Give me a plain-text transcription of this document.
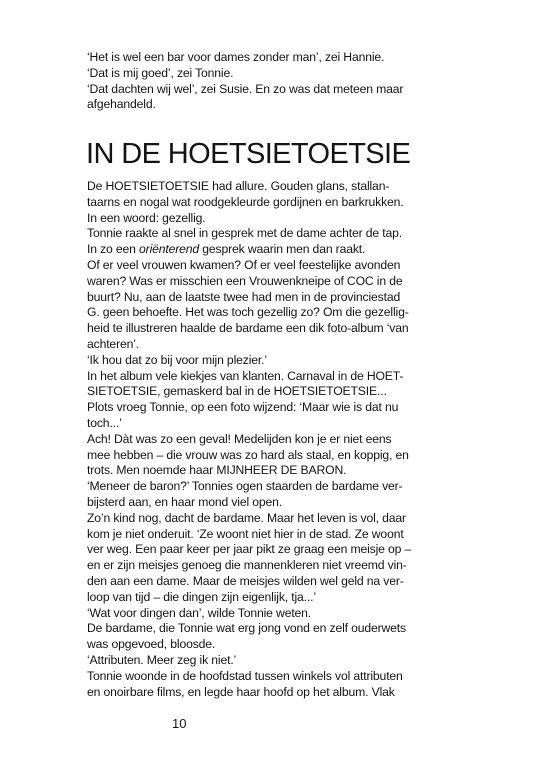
‘Het is wel een bar voor dames zonder man’, zei Hannie.
‘Dat is mij goed’, zei Tonnie.
‘Dat dachten wij wel’, zei Susie. En zo was dat meteen maar
afgehandeld.
IN DE HOETSIETOETSIE
De HOETSIETOETSIE had allure. Gouden glans, stallan-
taarns en nogal wat roodgekleurde gordijnen en barkrukken.
In een woord: gezellig.
Tonnie raakte al snel in gesprek met de dame achter de tap.
In zo een oriënterend gesprek waarin men dan raakt.
Of er veel vrouwen kwamen? Of er veel feestelijke avonden
waren? Was er misschien een Vrouwenkneipe of COC in de
buurt? Nu, aan de laatste twee had men in de provinciestad
G. geen behoefte. Het was toch gezellig zo? Om die gezellig-
heid te illustreren haalde de bardame een dik foto-album ‘van
achteren’.
‘Ik hou dat zo bij voor mijn plezier.’
In het album vele kiekjes van klanten. Carnaval in de HOET-
SIETOETSIE, gemaskerd bal in de HOETSIETOETSIE...
Plots vroeg Tonnie, op een foto wijzend: ‘Maar wie is dat nu
toch...’
Ach! Dàt was zo een geval! Medelijden kon je er niet eens
mee hebben – die vrouw was zo hard als staal, en koppig, en
trots. Men noemde haar MIJNHEER DE BARON.
‘Meneer de baron?’ Tonnies ogen staarden de bardame ver-
bijsterd aan, en haar mond viel open.
Zo’n kind nog, dacht de bardame. Maar het leven is vol, daar
kom je niet onderuit. ‘Ze woont niet hier in de stad. Ze woont
ver weg. Een paar keer per jaar pikt ze graag een meisje op –
en er zijn meisjes genoeg die mannenkleren niet vreemd vin-
den aan een dame. Maar de meisjes wilden wel geld na ver-
loop van tijd – die dingen zijn eigenlijk, tja...’
‘Wat voor dingen dan’, wilde Tonnie weten.
De bardame, die Tonnie wat erg jong vond en zelf ouderwets
was opgevoed, bloosde.
‘Attributen. Meer zeg ik niet.’
Tonnie woonde in de hoofdstad tussen winkels vol attributen
en onoirbare films, en legde haar hoofd op het album. Vlak
10
